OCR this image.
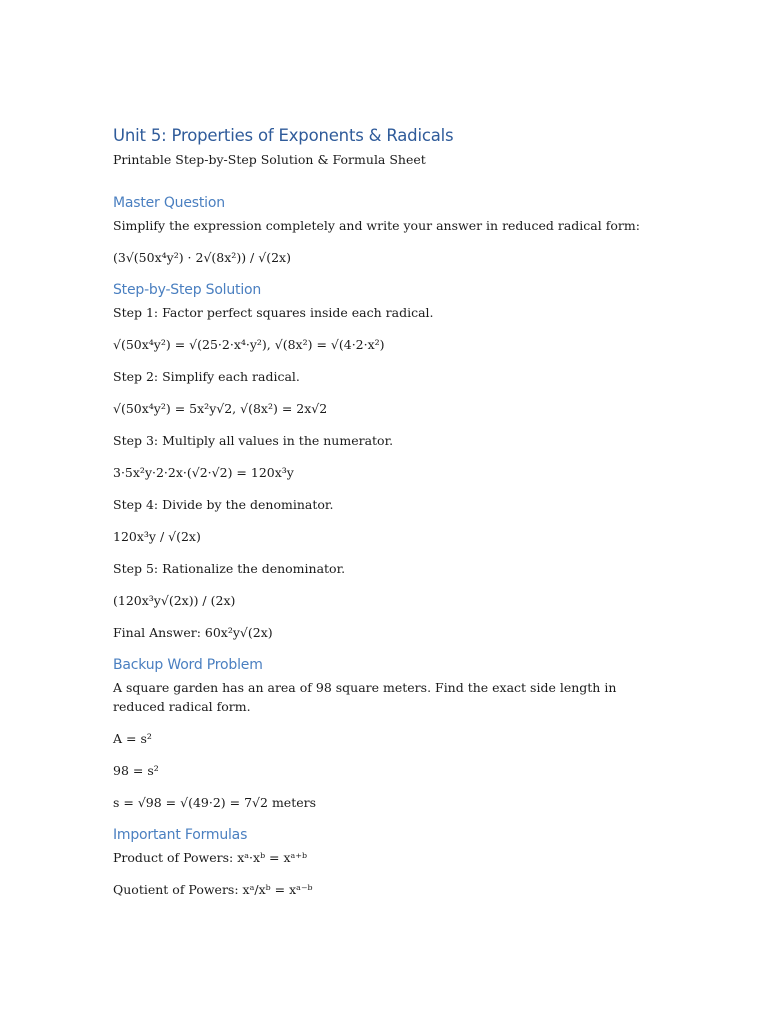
Unit 5: Properties of Exponents & Radicals

Printable Step-by-Step Solution & Formula Sheet

Master Question

Simplify the expression completely and write your answer in reduced radical form:

(3√(50x⁴y²) · 2√(8x²)) / √(2x)

Step-by-Step Solution

Step 1: Factor perfect squares inside each radical.

√(50x⁴y²) = √(25·2·x⁴·y²), √(8x²) = √(4·2·x²)

Step 2: Simplify each radical.

√(50x⁴y²) = 5x²y√2, √(8x²) = 2x√2

Step 3: Multiply all values in the numerator.

3·5x²y·2·2x·(√2·√2) = 120x³y

Step 4: Divide by the denominator.

120x³y / √(2x)

Step 5: Rationalize the denominator.

(120x³y√(2x)) / (2x)

Final Answer: 60x²y√(2x)

Backup Word Problem

A square garden has an area of 98 square meters. Find the exact side length in reduced radical form.

A = s²

98 = s²

s = √98 = √(49·2) = 7√2 meters

Important Formulas

Product of Powers: xᵃ·xᵇ = xᵃ⁺ᵇ

Quotient of Powers: xᵃ/xᵇ = xᵃ⁻ᵇ
